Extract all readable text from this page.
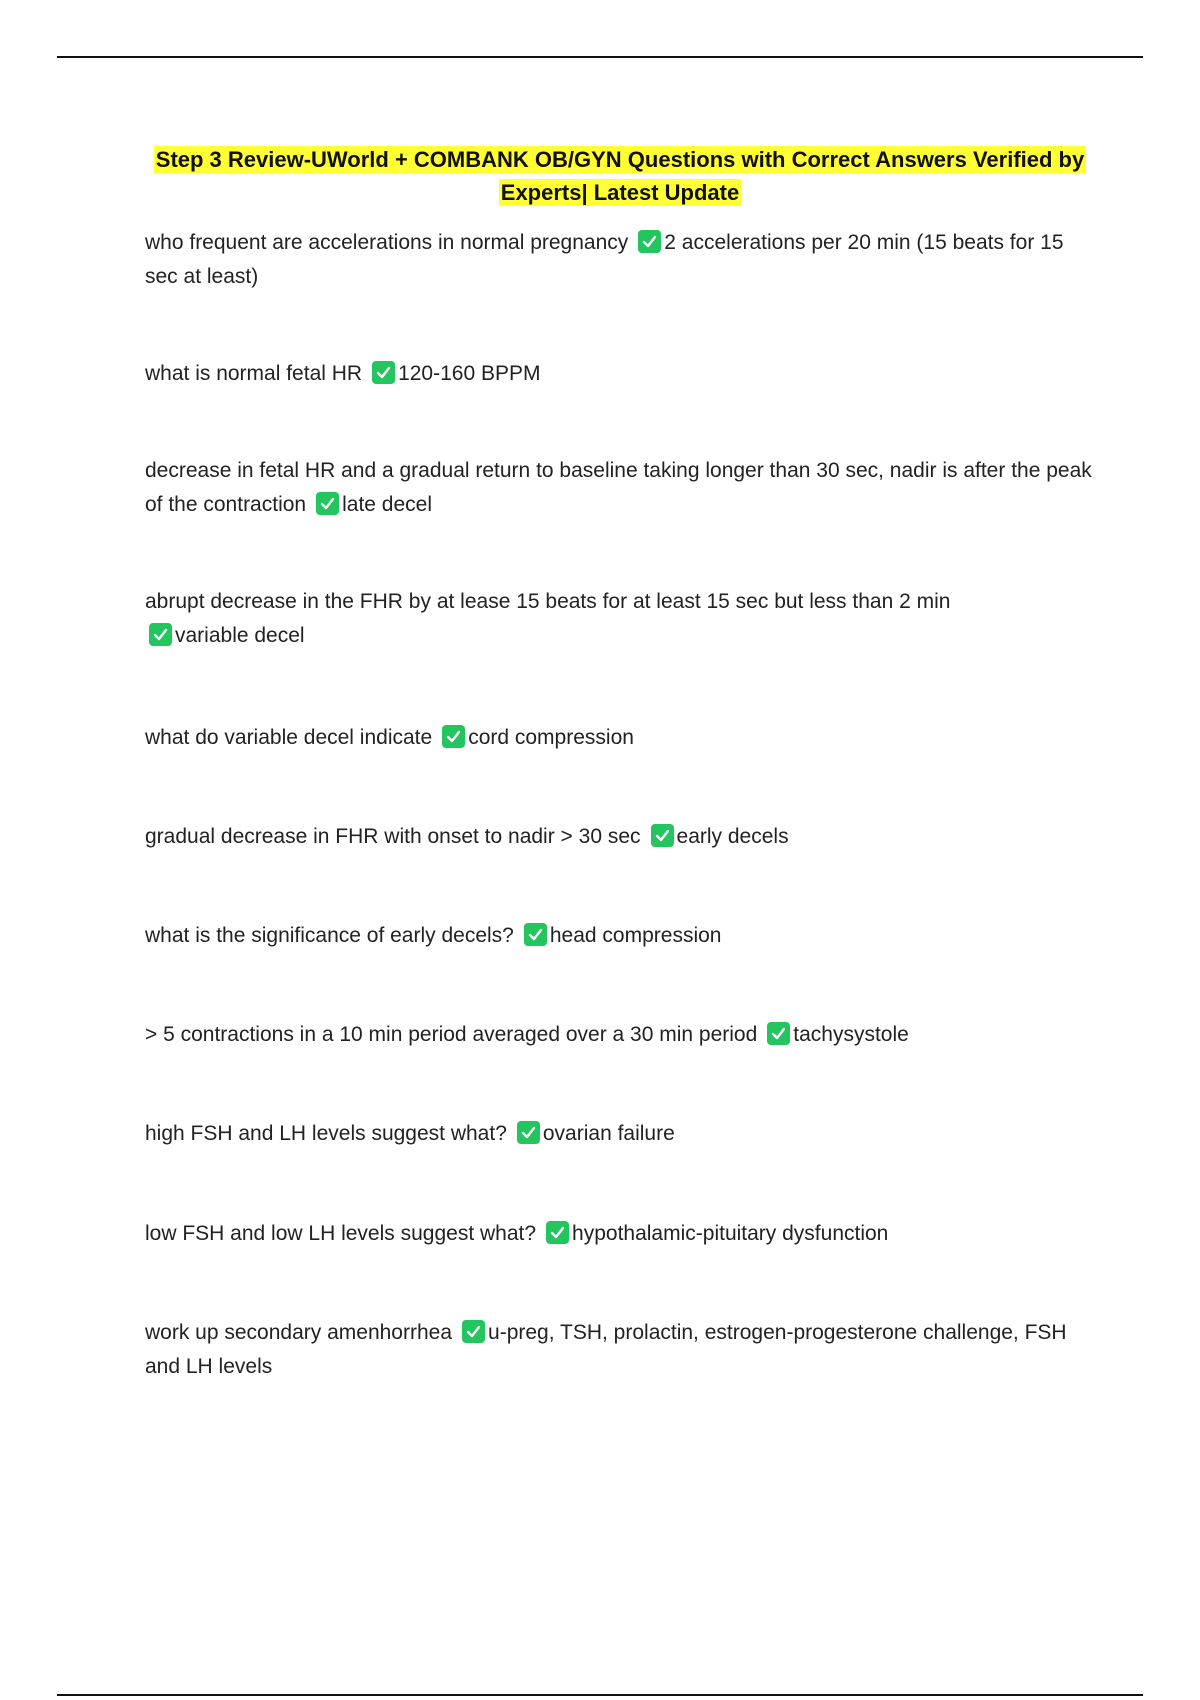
Step 3 Review-UWorld + COMBANK OB/GYN Questions with Correct Answers Verified by
Experts| Latest Update
who frequent are accelerations in normal pregnancy 2 accelerations per 20 min (15 beats for 15 sec at least)
what is normal fetal HR 120-160 BPPM
decrease in fetal HR and a gradual return to baseline taking longer than 30 sec, nadir is after the peak of the contraction late decel
abrupt decrease in the FHR by at lease 15 beats for at least 15 sec but less than 2 min

variable decel
what do variable decel indicate cord compression
gradual decrease in FHR with onset to nadir > 30 sec early decels
what is the significance of early decels? head compression
> 5 contractions in a 10 min period averaged over a 30 min period tachysystole
high FSH and LH levels suggest what? ovarian failure
low FSH and low LH levels suggest what? hypothalamic-pituitary dysfunction
work up secondary amenhorrhea u-preg, TSH, prolactin, estrogen-progesterone challenge, FSH and LH levels
